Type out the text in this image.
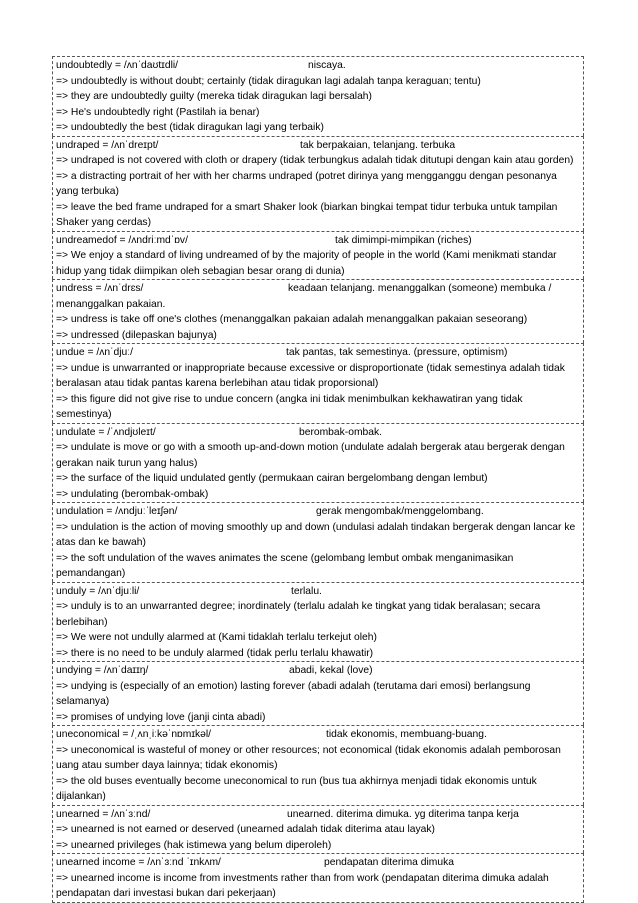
undoubtedly = /ʌnˈdaʊtɪdli/	niscaya.
=> undoubtedly is without doubt; certainly (tidak diragukan lagi adalah tanpa keraguan; tentu)
=> they are undoubtedly guilty (mereka tidak diragukan lagi bersalah)
=> He's undoubtedly right (Pastilah ia benar)
=> undoubtedly the best (tidak diragukan lagi yang terbaik)
undraped = /ʌnˈdreɪpt/	tak berpakaian, telanjang. terbuka
=> undraped is not covered with cloth or drapery (tidak terbungkus adalah tidak ditutupi dengan kain atau gorden)
=> a distracting portrait of her with her charms undraped (potret dirinya yang mengganggu dengan pesonanya yang terbuka)
=> leave the bed frame undraped for a smart Shaker look (biarkan bingkai tempat tidur terbuka untuk tampilan Shaker yang cerdas)
undreamedof = /ʌndriːmdˈɒv/	tak dimimpi-mimpikan (riches)
=> We enjoy a standard of living undreamed of by the majority of people in the world (Kami menikmati standar hidup yang tidak diimpikan oleh sebagian besar orang di dunia)
undress = /ʌnˈdrɛs/	keadaan telanjang. menanggalkan (someone) membuka / menanggalkan pakaian.
=> undress is take off one's clothes (menanggalkan pakaian adalah menanggalkan pakaian seseorang)
=> undressed (dilepaskan bajunya)
undue = /ʌnˈdjuː/	tak pantas, tak semestinya. (pressure, optimism)
=> undue is unwarranted or inappropriate because excessive or disproportionate (tidak semestinya adalah tidak beralasan atau tidak pantas karena berlebihan atau tidak proporsional)
=> this figure did not give rise to undue concern (angka ini tidak menimbulkan kekhawatiran yang tidak semestinya)
undulate = /ˈʌndjʊleɪt/	berombak-ombak.
=> undulate is move or go with a smooth up-and-down motion (undulate adalah bergerak atau bergerak dengan gerakan naik turun yang halus)
=> the surface of the liquid undulated gently (permukaan cairan bergelombang dengan lembut)
=> undulating (berombak-ombak)
undulation = /ʌndjuːˈleɪʃən/	gerak mengombak/menggelombang.
=> undulation is the action of moving smoothly up and down (undulasi adalah tindakan bergerak dengan lancar ke atas dan ke bawah)
=> the soft undulation of the waves animates the scene (gelombang lembut ombak menganimasikan pemandangan)
unduly = /ʌnˈdjuːli/	terlalu.
=> unduly is to an unwarranted degree; inordinately (terlalu adalah ke tingkat yang tidak beralasan; secara berlebihan)
=> We were not undully alarmed at (Kami tidaklah terlalu terkejut oleh)
=> there is no need to be unduly alarmed (tidak perlu terlalu khawatir)
undying = /ʌnˈdaɪɪŋ/	abadi, kekal (love)
=> undying is (especially of an emotion) lasting forever (abadi adalah (terutama dari emosi) berlangsung selamanya)
=> promises of undying love (janji cinta abadi)
uneconomical = /ˌʌnˌiːkəˈnɒmɪkəl/	tidak ekonomis, membuang-buang.
=> uneconomical is wasteful of money or other resources; not economical (tidak ekonomis adalah pemborosan uang atau sumber daya lainnya; tidak ekonomis)
=> the old buses eventually become uneconomical to run (bus tua akhirnya menjadi tidak ekonomis untuk dijalankan)
unearned = /ʌnˈɜːnd/	unearned. diterima dimuka. yg diterima tanpa kerja
=> unearned is not earned or deserved (unearned adalah tidak diterima atau layak)
=> unearned privileges (hak istimewa yang belum diperoleh)
unearned income = /ʌnˈɜːnd ˈɪnkʌm/	pendapatan diterima dimuka
=> unearned income is income from investments rather than from work (pendapatan diterima dimuka adalah pendapatan dari investasi bukan dari pekerjaan)
